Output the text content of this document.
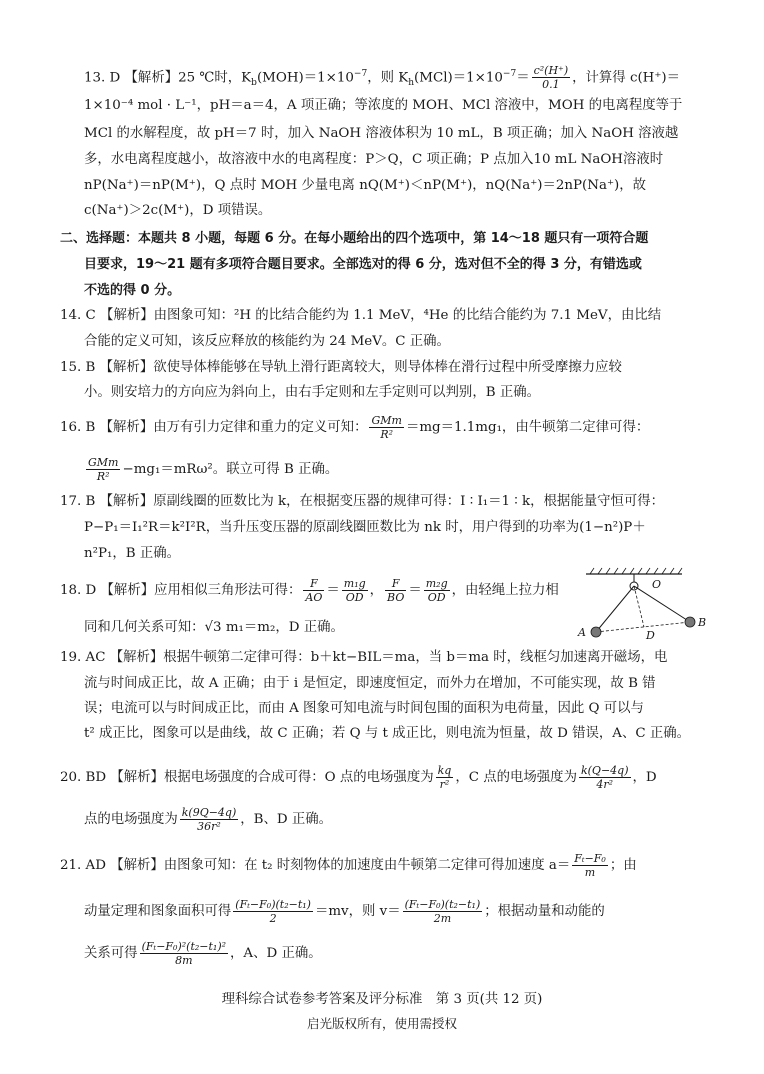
13. D 【解析】25 ℃时，$K_b(MOH)=1\times 10^{-7}$，则 $K_h(MCl)=1\times 10^{-7}= \frac{\text{c²(H⁺)}}{0.1}$ ，计算得 c(H⁺)＝
1×10⁻⁴ mol · L⁻¹，pH＝a＝4，A 项正确；等浓度的 MOH、MCl 溶液中，MOH 的电离程度等于
MCl 的水解程度，故 pH＝7 时，加入 NaOH 溶液体积为 10 mL，B 项正确；加入 NaOH 溶液越
多，水电离程度越小，故溶液中水的电离程度：P＞Q，C 项正确；P 点加入10 mL NaOH溶液时
nP(Na⁺)＝nP(M⁺)，Q 点时 MOH 少量电离 nQ(M⁺)＜nP(M⁺)，nQ(Na⁺)＝2nP(Na⁺)，故
c(Na⁺)＞2c(M⁺)，D 项错误。
二、选择题：本题共 8 小题，每题 6 分。在每小题给出的四个选项中，第 14～18 题只有一项符合题
目要求，19～21 题有多项符合题目要求。全部选对的得 6 分，选对但不全的得 3 分，有错选或
不选的得 0 分。
14. C 【解析】由图象可知：²H 的比结合能约为 1.1 MeV，⁴He 的比结合能约为 7.1 MeV，由比结
合能的定义可知，该反应释放的核能约为 24 MeV。C 正确。
15. B 【解析】欲使导体棒能够在导轨上滑行距离较大，则导体棒在滑行过程中所受摩擦力应较
小。则安培力的方向应为斜向上，由右手定则和左手定则可以判别，B 正确。
16. B 【解析】由万有引力定律和重力的定义可知： $\frac{\text{GMm}}{\text{R²}} =mg=1.1mg_1$，由牛顿第二定律可得：
$\frac{\text{GMm}}{\text{R²}} -mg_1=mR\omega^2$。联立可得 B 正确。
17. B 【解析】原副线圈的匝数比为 k，在根据变压器的规律可得：I ∶ I₁＝1 ∶ k，根据能量守恒可得：
P−P₁＝I₁²R＝k²I²R，当升压变压器的原副线圈匝数比为 nk 时，用户得到的功率为(1−n²)P＋
n²P₁，B 正确。
18. D 【解析】应用相似三角形法可得： $\frac{F}{AO} = \frac{\text{m₁g}}{OD}$ ， $\frac{F}{BO} = \frac{\text{m₂g}}{OD}$ ，由轻绳上拉力相
同和几何关系可知：√3 m₁＝m₂，D 正确。
O
A
B
D
19. AC 【解析】根据牛顿第二定律可得：b＋kt−BIL＝ma，当 b＝ma 时，线框匀加速离开磁场，电
流与时间成正比，故 A 正确；由于 i 是恒定，即速度恒定，而外力在增加，不可能实现，故 B 错
误；电流可以与时间成正比，而由 A 图象可知电流与时间包围的面积为电荷量，因此 Q 可以与
t² 成正比，图象可以是曲线，故 C 正确；若 Q 与 t 成正比，则电流为恒量，故 D 错误，A、C 正确。
20. BD 【解析】根据电场强度的合成可得：O 点的电场强度为 $\frac{kq}{\text{r²}}$ ，C 点的电场强度为 $\frac{k(Q-4q)}{\text{4r²}}$ ，D
点的电场强度为 $\frac{k(9Q-4q)}{\text{36r²}}$ ，B、D 正确。
21. AD 【解析】由图象可知：在 t₂ 时刻物体的加速度由牛顿第二定律可得加速度 $a= \frac{\text{Fₜ−F₀}}{m}$ ；由
动量定理和图象面积可得 $\frac{\text{(Fₜ−F₀)(t₂−t₁)}}{2} =mv$，则 $v= \frac{\text{(Fₜ−F₀)(t₂−t₁)}}{2m}$ ；根据动量和动能的
关系可得 $\frac{\text{(Fₜ−F₀)²(t₂−t₁)²}}{8m}$ ，A、D 正确。
理科综合试卷参考答案及评分标准　第 3 页(共 12 页)
启光版权所有，使用需授权
